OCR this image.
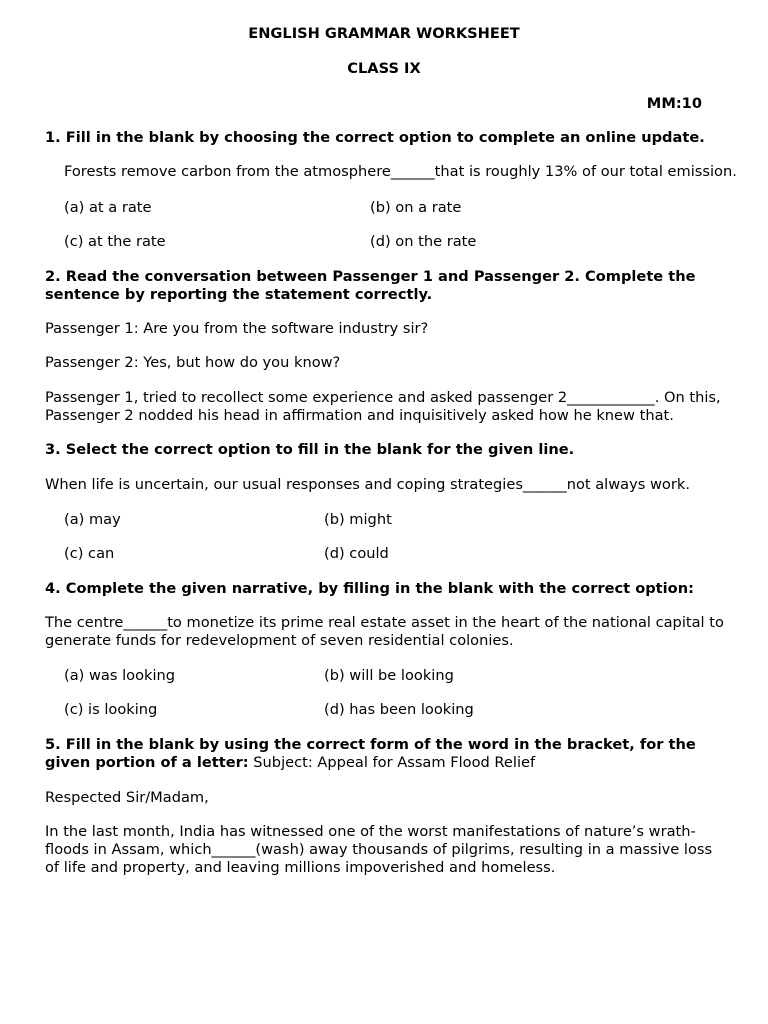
ENGLISH GRAMMAR WORKSHEET
CLASS IX
MM:10
1. Fill in the blank by choosing the correct option to complete an online update.
Forests remove carbon from the atmosphere______that is roughly 13% of our total emission.
(a) at a rate	(b) on a rate
(c) at the rate	(d) on the rate
2. Read the conversation between Passenger 1 and Passenger 2. Complete the sentence by reporting the statement correctly.
Passenger 1: Are you from the software industry sir?
Passenger 2: Yes, but how do you know?
Passenger 1, tried to recollect some experience and asked passenger 2____________. On this, Passenger 2 nodded his head in affirmation and inquisitively asked how he knew that.
3. Select the correct option to fill in the blank for the given line.
When life is uncertain, our usual responses and coping strategies______not always work.
(a) may	(b) might
(c) can	(d) could
4. Complete the given narrative, by filling in the blank with the correct option:
The centre______to monetize its prime real estate asset in the heart of the national capital to generate funds for redevelopment of seven residential colonies.
(a) was looking	(b) will be looking
(c) is looking	(d) has been looking
5. Fill in the blank by using the correct form of the word in the bracket, for the given portion of a letter: Subject: Appeal for Assam Flood Relief
Respected Sir/Madam,
In the last month, India has witnessed one of the worst manifestations of nature’s wrath-floods in Assam, which______(wash) away thousands of pilgrims, resulting in a massive loss of life and property, and leaving millions impoverished and homeless.
